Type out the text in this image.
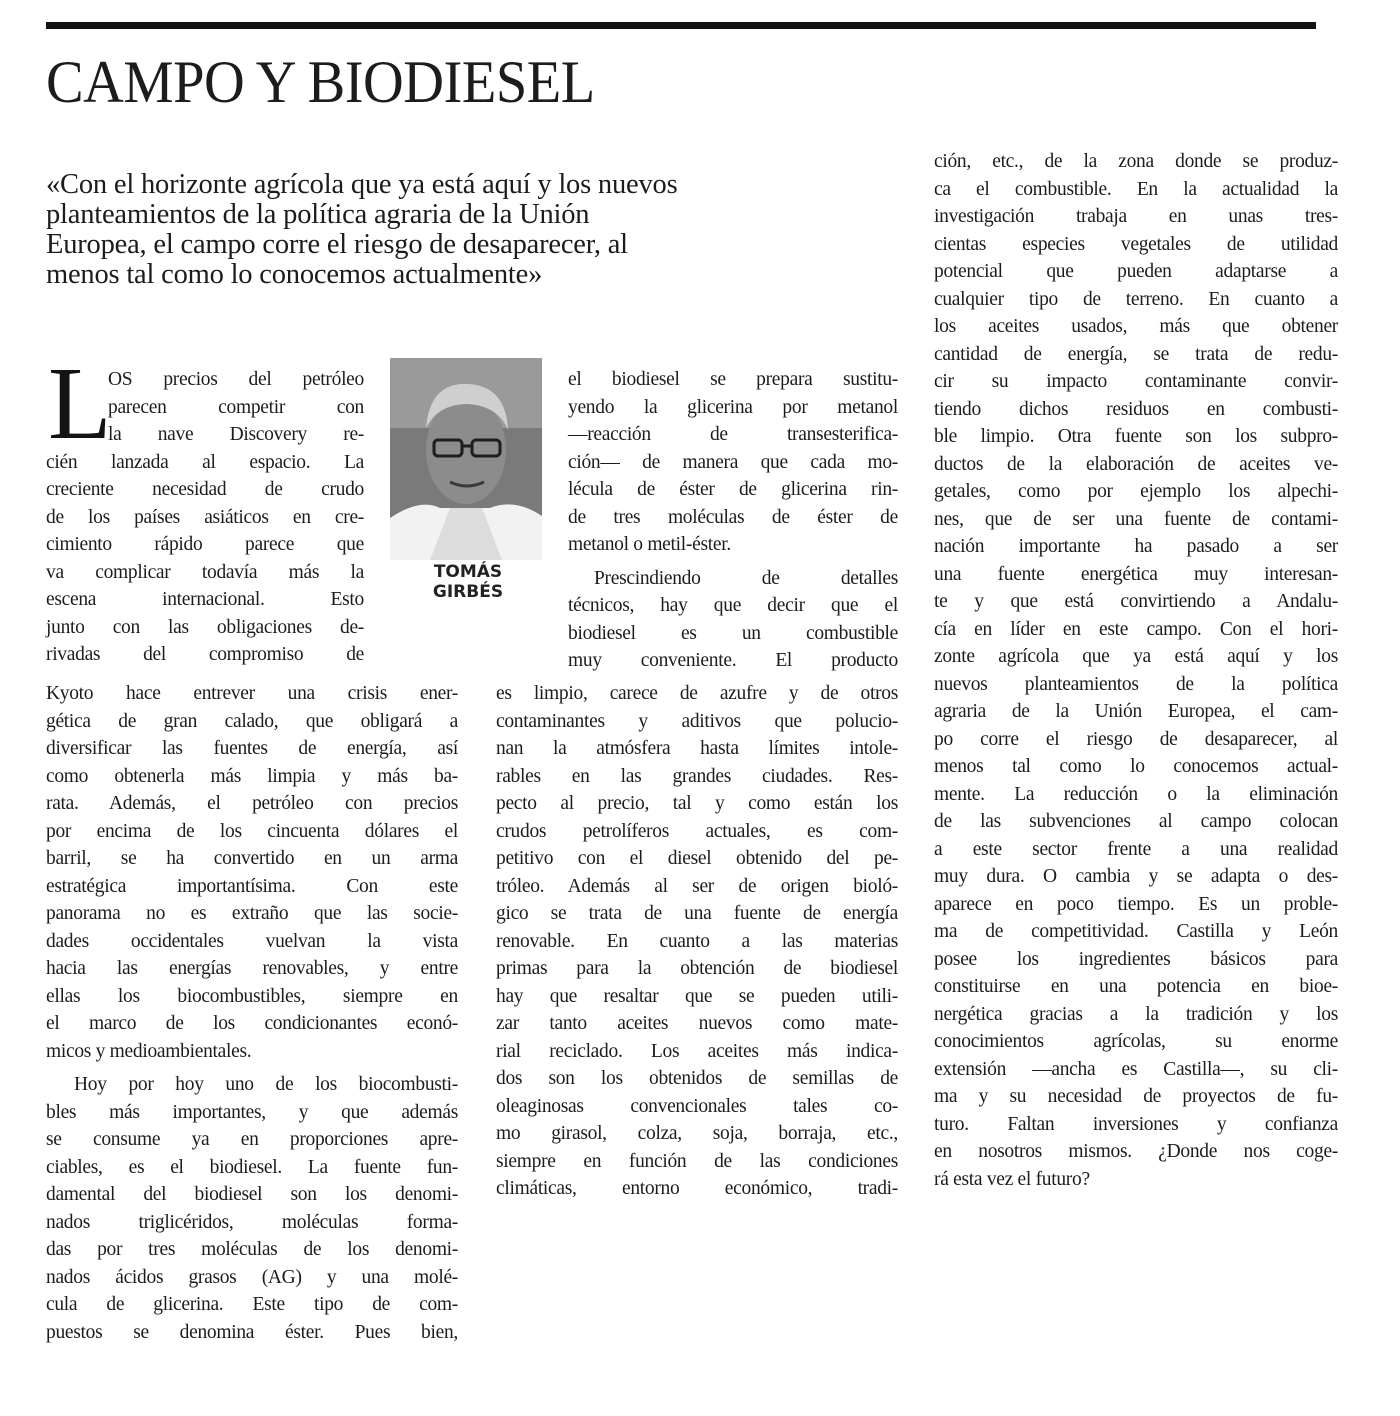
CAMPO Y BIODIESEL
«Con el horizonte agrícola que ya está aquí y los nuevos
planteamientos de la política agraria de la Unión
Europea, el campo corre el riesgo de desaparecer, al
menos tal como lo conocemos actualmente»
L
OS precios del petróleo
parecen competir con
la nave Discovery re-
cién lanzada al espacio. La
creciente necesidad de crudo
de los países asiáticos en cre-
cimiento rápido parece que
va complicar todavía más la
escena internacional. Esto
junto con las obligaciones de-
rivadas del compromiso de
TOMÁS
GIRBÉS
Kyoto hace entrever una crisis ener-
gética de gran calado, que obligará a
diversificar las fuentes de energía, así
como obtenerla más limpia y más ba-
rata. Además, el petróleo con precios
por encima de los cincuenta dólares el
barril, se ha convertido en un arma
estratégica importantísima. Con este
panorama no es extraño que las socie-
dades occidentales vuelvan la vista
hacia las energías renovables, y entre
ellas los biocombustibles, siempre en
el marco de los condicionantes econó-
micos y medioambientales.
Hoy por hoy uno de los biocombusti-
bles más importantes, y que además
se consume ya en proporciones apre-
ciables, es el biodiesel. La fuente fun-
damental del biodiesel son los denomi-
nados triglicéridos, moléculas forma-
das por tres moléculas de los denomi-
nados ácidos grasos (AG) y una molé-
cula de glicerina. Este tipo de com-
puestos se denomina éster. Pues bien,
el biodiesel se prepara sustitu-
yendo la glicerina por metanol
—reacción de transesterifica-
ción— de manera que cada mo-
lécula de éster de glicerina rin-
de tres moléculas de éster de
metanol o metil-éster.
Prescindiendo de detalles
técnicos, hay que decir que el
biodiesel es un combustible
muy conveniente. El producto
es limpio, carece de azufre y de otros
contaminantes y aditivos que polucio-
nan la atmósfera hasta límites intole-
rables en las grandes ciudades. Res-
pecto al precio, tal y como están los
crudos petrolíferos actuales, es com-
petitivo con el diesel obtenido del pe-
tróleo. Además al ser de origen bioló-
gico se trata de una fuente de energía
renovable. En cuanto a las materias
primas para la obtención de biodiesel
hay que resaltar que se pueden utili-
zar tanto aceites nuevos como mate-
rial reciclado. Los aceites más indica-
dos son los obtenidos de semillas de
oleaginosas convencionales tales co-
mo girasol, colza, soja, borraja, etc.,
siempre en función de las condiciones
climáticas, entorno económico, tradi-
ción, etc., de la zona donde se produz-
ca el combustible. En la actualidad la
investigación trabaja en unas tres-
cientas especies vegetales de utilidad
potencial que pueden adaptarse a
cualquier tipo de terreno. En cuanto a
los aceites usados, más que obtener
cantidad de energía, se trata de redu-
cir su impacto contaminante convir-
tiendo dichos residuos en combusti-
ble limpio. Otra fuente son los subpro-
ductos de la elaboración de aceites ve-
getales, como por ejemplo los alpechi-
nes, que de ser una fuente de contami-
nación importante ha pasado a ser
una fuente energética muy interesan-
te y que está convirtiendo a Andalu-
cía en líder en este campo. Con el hori-
zonte agrícola que ya está aquí y los
nuevos planteamientos de la política
agraria de la Unión Europea, el cam-
po corre el riesgo de desaparecer, al
menos tal como lo conocemos actual-
mente. La reducción o la eliminación
de las subvenciones al campo colocan
a este sector frente a una realidad
muy dura. O cambia y se adapta o des-
aparece en poco tiempo. Es un proble-
ma de competitividad. Castilla y León
posee los ingredientes básicos para
constituirse en una potencia en bioe-
nergética gracias a la tradición y los
conocimientos agrícolas, su enorme
extensión —ancha es Castilla—, su cli-
ma y su necesidad de proyectos de fu-
turo. Faltan inversiones y confianza
en nosotros mismos. ¿Donde nos coge-
rá esta vez el futuro?
